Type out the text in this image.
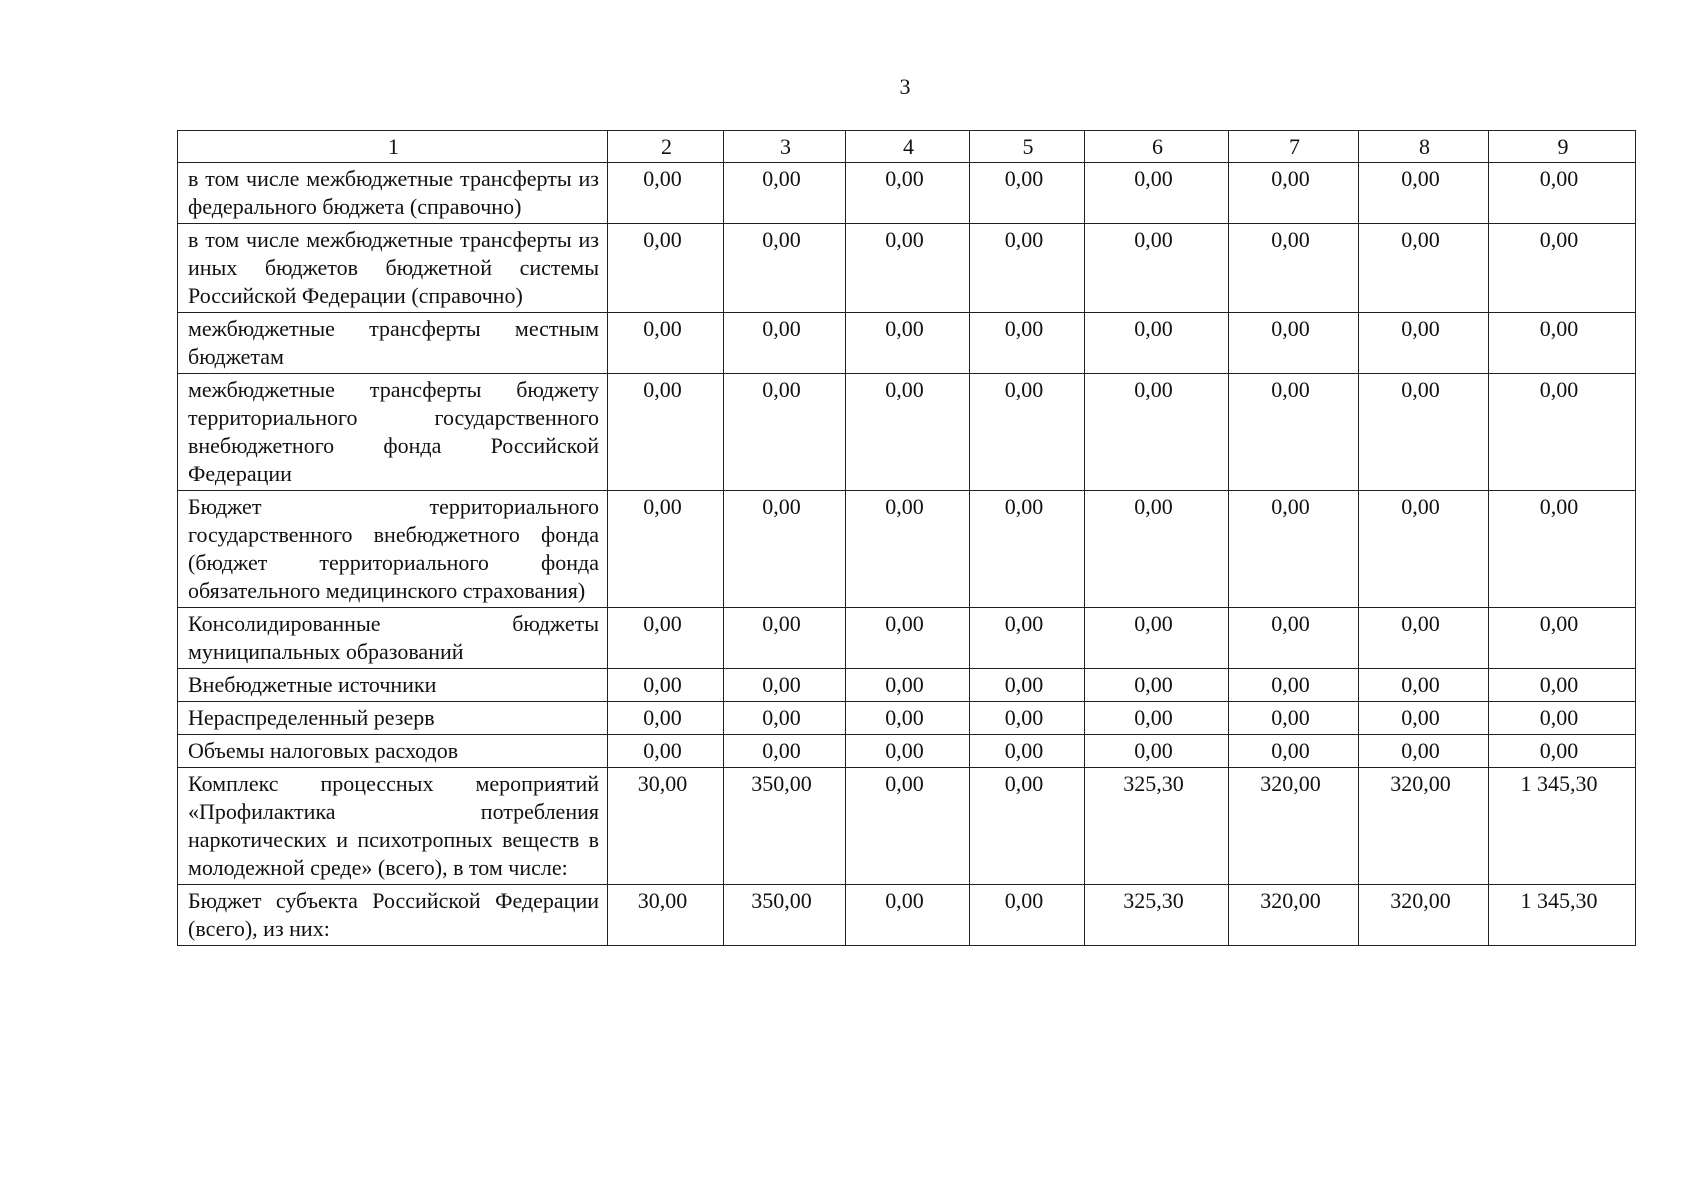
3
1	2	3	4	5	6	7	8	9
в том числе межбюджетные трансферты из федерального бюджета (справочно)	0,00	0,00	0,00	0,00	0,00	0,00	0,00	0,00
в том числе межбюджетные трансферты из иных бюджетов бюджетной системы Российской Федерации (справочно)	0,00	0,00	0,00	0,00	0,00	0,00	0,00	0,00
межбюджетные трансферты местным бюджетам	0,00	0,00	0,00	0,00	0,00	0,00	0,00	0,00
межбюджетные трансферты бюджету территориального государственного внебюджетного фонда Российской Федерации	0,00	0,00	0,00	0,00	0,00	0,00	0,00	0,00
Бюджет территориального государственного внебюджетного фонда (бюджет территориального фонда обязательного медицинского страхования)	0,00	0,00	0,00	0,00	0,00	0,00	0,00	0,00
Консолидированные бюджеты муниципальных образований	0,00	0,00	0,00	0,00	0,00	0,00	0,00	0,00
Внебюджетные источники	0,00	0,00	0,00	0,00	0,00	0,00	0,00	0,00
Нераспределенный резерв	0,00	0,00	0,00	0,00	0,00	0,00	0,00	0,00
Объемы налоговых расходов	0,00	0,00	0,00	0,00	0,00	0,00	0,00	0,00
Комплекс процессных мероприятий «Профилактика потребления наркотических и психотропных веществ в молодежной среде» (всего), в том числе:	30,00	350,00	0,00	0,00	325,30	320,00	320,00	1 345,30
Бюджет субъекта Российской Федерации (всего), из них:	30,00	350,00	0,00	0,00	325,30	320,00	320,00	1 345,30
